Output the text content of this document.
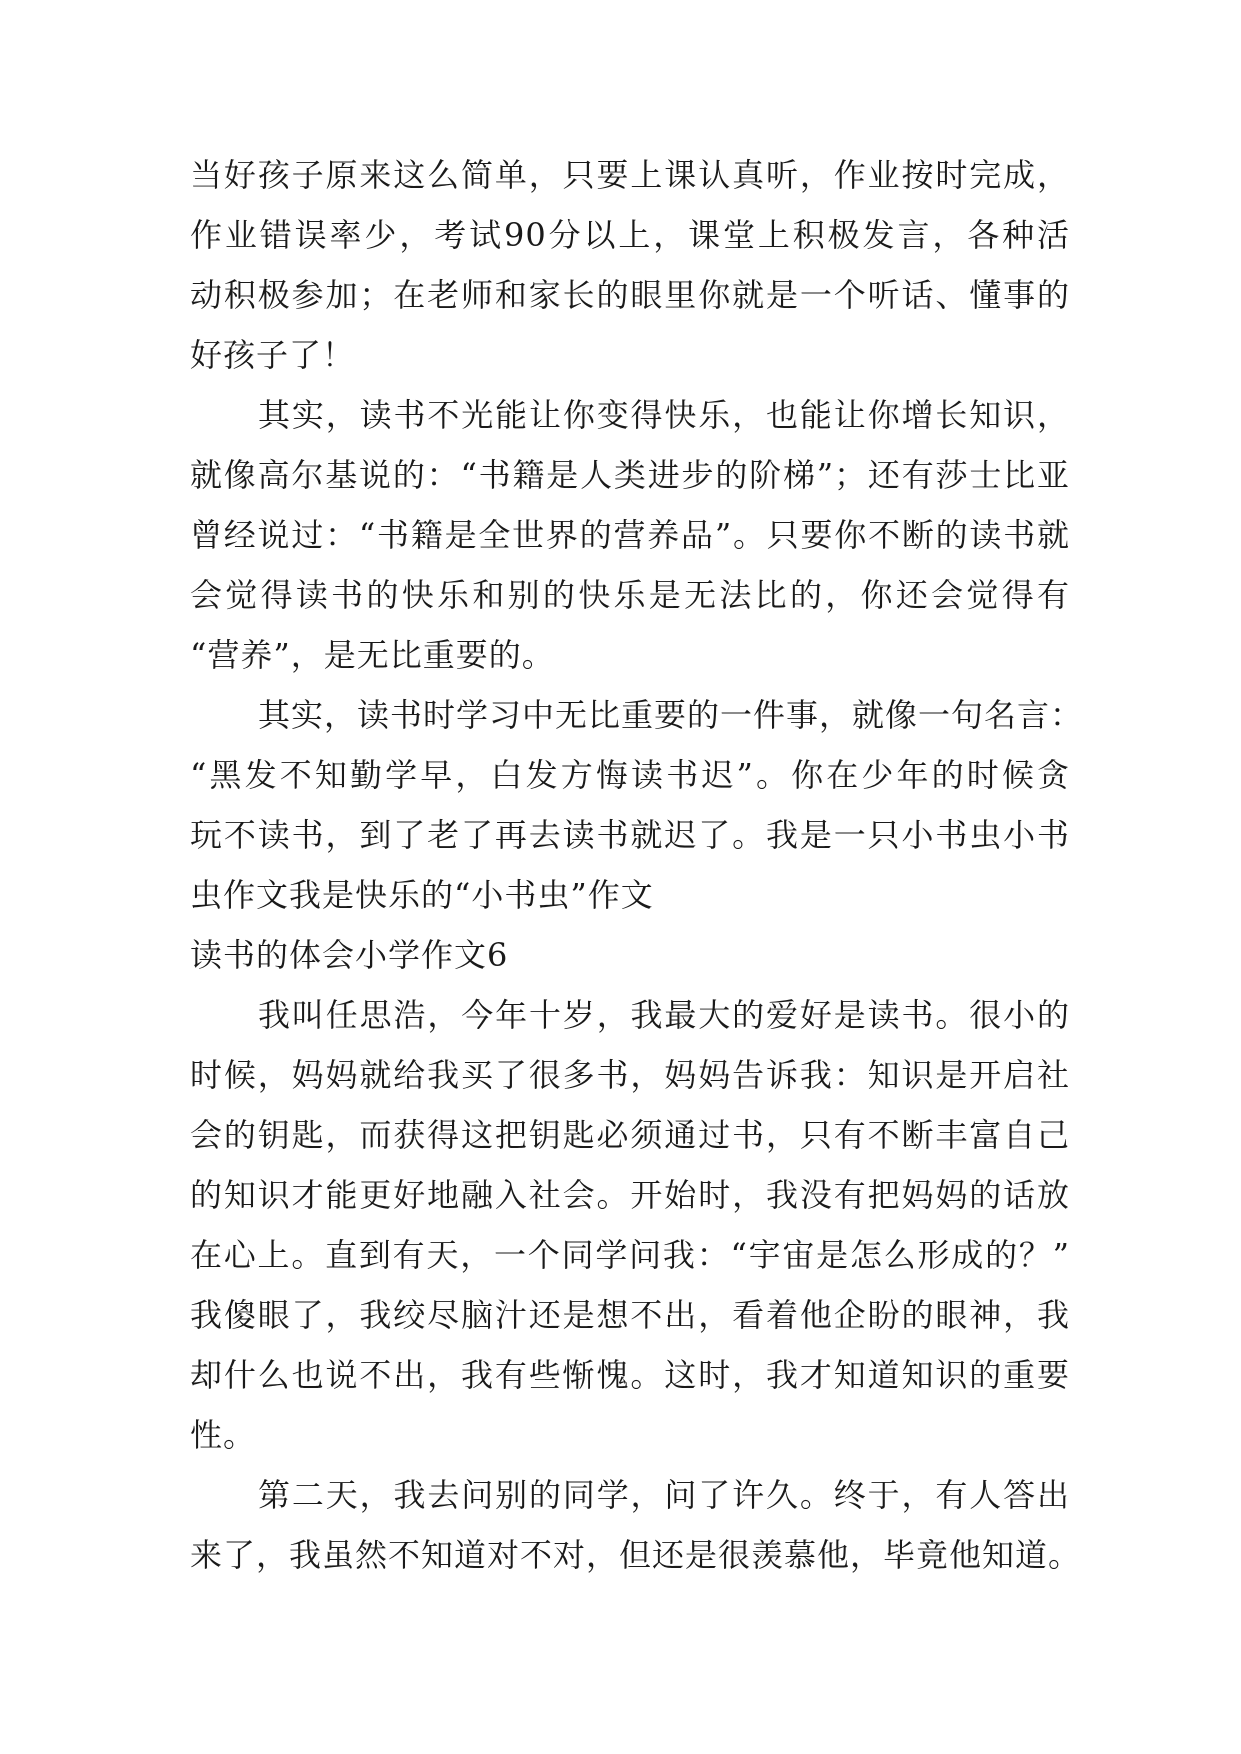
当好孩子原来这么简单，只要上课认真听，作业按时完成，
作业错误率少，考试90分以上，课堂上积极发言，各种活
动积极参加；在老师和家长的眼里你就是一个听话、懂事的
好孩子了！
其实，读书不光能让你变得快乐，也能让你增长知识，
就像高尔基说的：“书籍是人类进步的阶梯”；还有莎士比亚
曾经说过：“书籍是全世界的营养品”。只要你不断的读书就
会觉得读书的快乐和别的快乐是无法比的，你还会觉得有
“营养”，是无比重要的。
其实，读书时学习中无比重要的一件事，就像一句名言：
“黑发不知勤学早，白发方悔读书迟”。你在少年的时候贪
玩不读书，到了老了再去读书就迟了。我是一只小书虫小书
虫作文我是快乐的“小书虫”作文
读书的体会小学作文6
我叫任思浩，今年十岁，我最大的爱好是读书。很小的
时候，妈妈就给我买了很多书，妈妈告诉我：知识是开启社
会的钥匙，而获得这把钥匙必须通过书，只有不断丰富自己
的知识才能更好地融入社会。开始时，我没有把妈妈的话放
在心上。直到有天，一个同学问我：“宇宙是怎么形成的？”
我傻眼了，我绞尽脑汁还是想不出，看着他企盼的眼神，我
却什么也说不出，我有些惭愧。这时，我才知道知识的重要
性。
第二天，我去问别的同学，问了许久。终于，有人答出
来了，我虽然不知道对不对，但还是很羡慕他，毕竟他知道。
